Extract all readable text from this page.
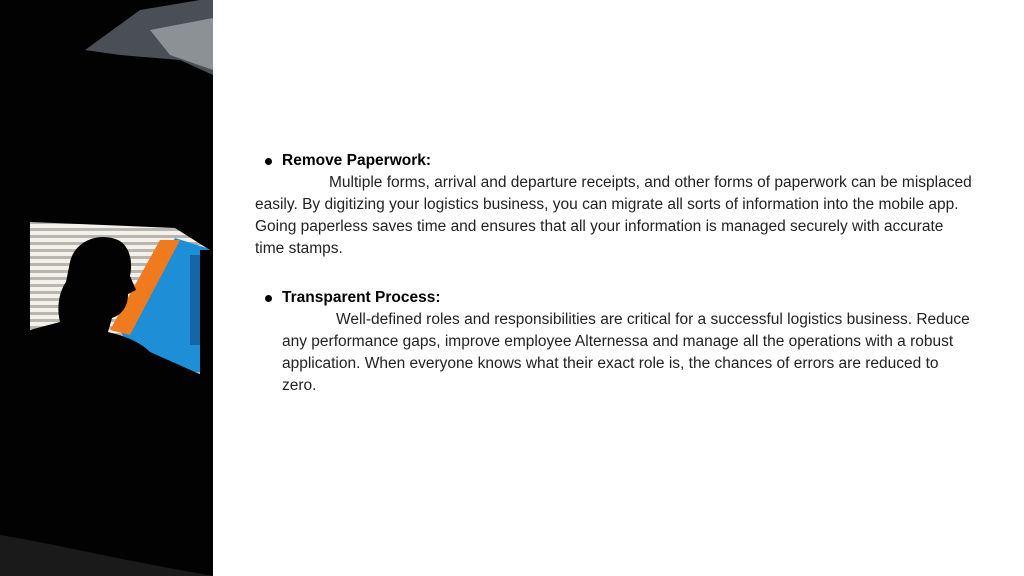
Remove Paperwork:

Multiple forms, arrival and departure receipts, and other forms of paperwork can be misplaced easily. By digitizing your logistics business, you can migrate all sorts of information into the mobile app. Going paperless saves time and ensures that all your information is managed securely with accurate time stamps.

Transparent Process:

Well-defined roles and responsibilities are critical for a successful logistics business. Reduce any performance gaps, improve employee Alternessa and manage all the operations with a robust application. When everyone knows what their exact role is, the chances of errors are reduced to zero.
